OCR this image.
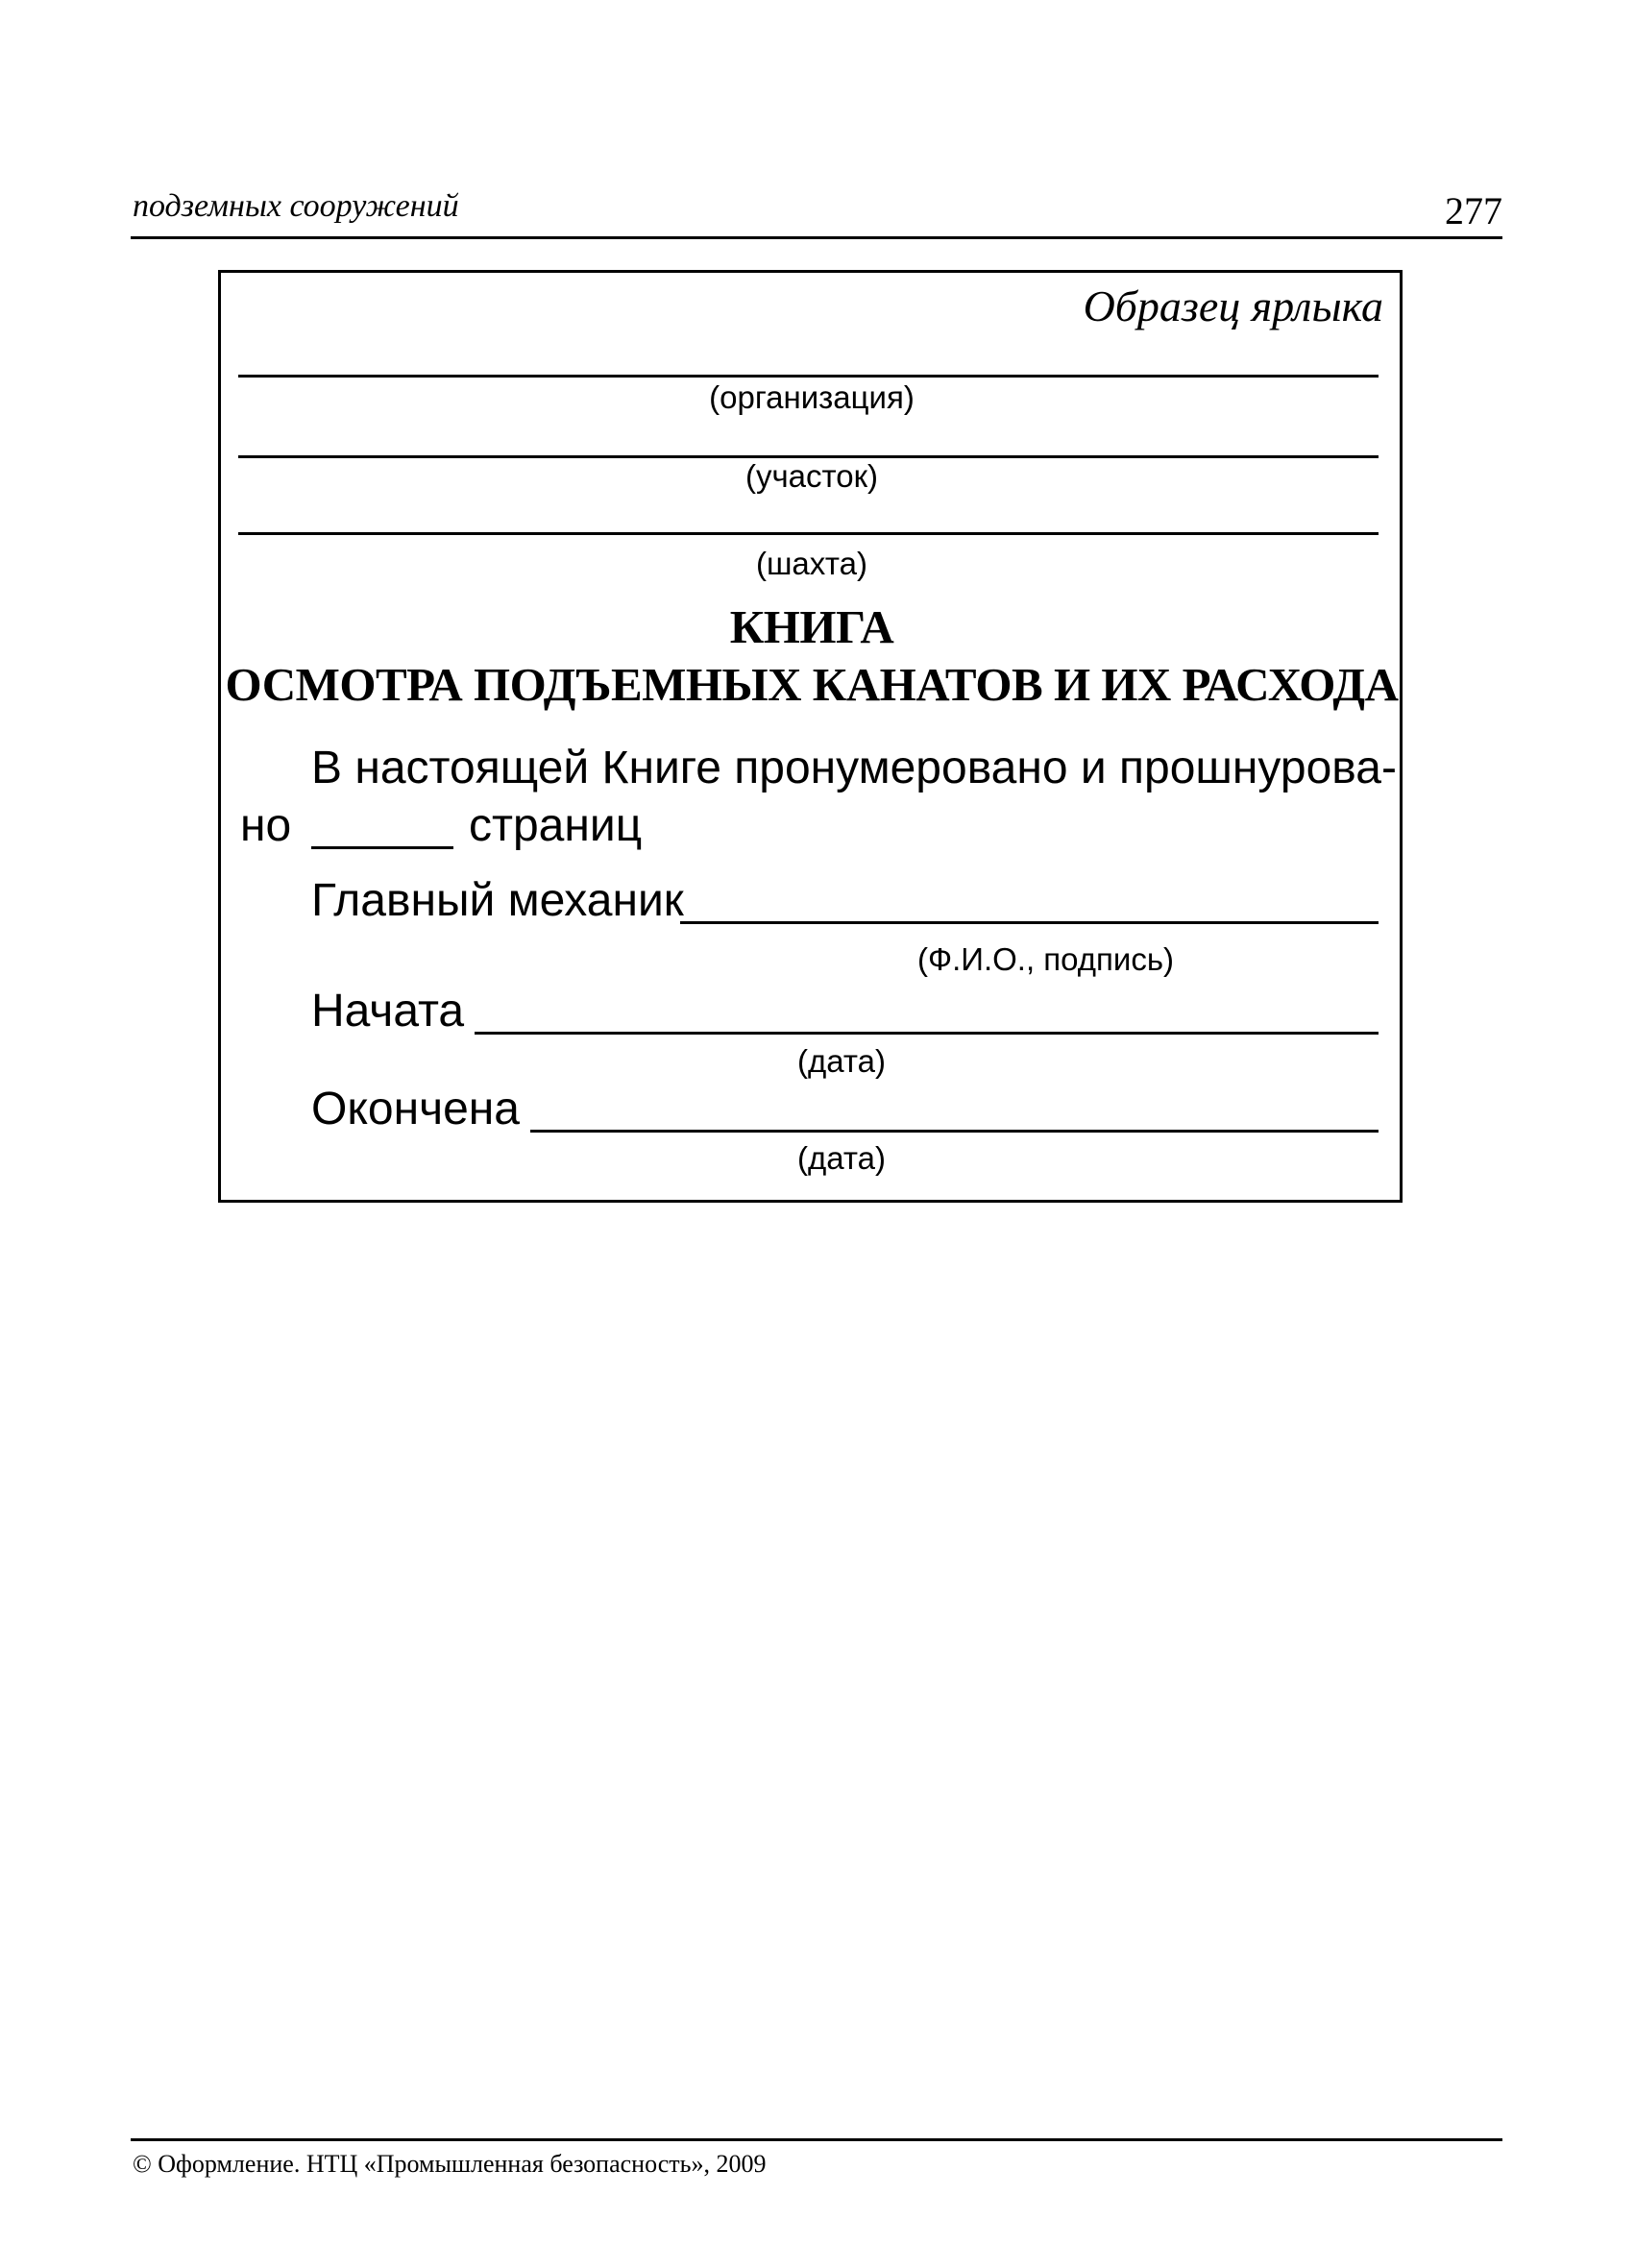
подземных сооружений	277
Образец ярлыка
(организация)
(участок)
(шахта)
КНИГА
ОСМОТРА ПОДЪЕМНЫХ КАНАТОВ И ИХ РАСХОДА
В настоящей Книге пронумеровано и прошнурова-
но	страниц
Главный механик
(Ф.И.О., подпись)
Начата
(дата)
Окончена
(дата)
© Оформление. НТЦ «Промышленная безопасность», 2009
